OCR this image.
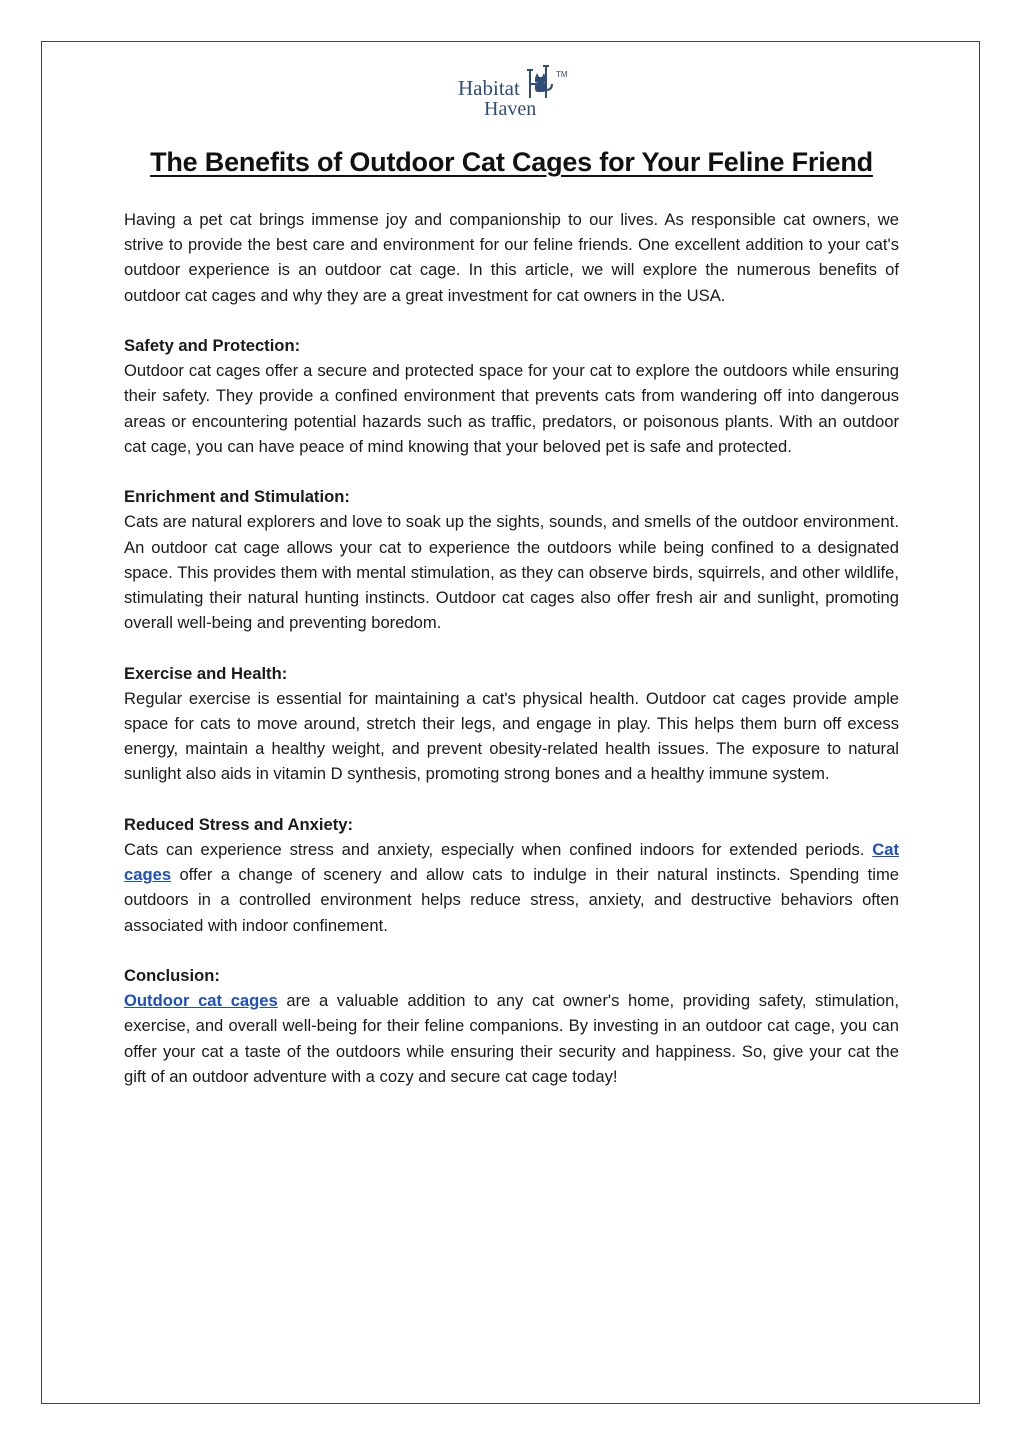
Habitat
Haven
TM
The Benefits of Outdoor Cat Cages for Your Feline Friend

Having a pet cat brings immense joy and companionship to our lives. As responsible cat owners, we strive to provide the best care and environment for our feline friends. One excellent addition to your cat's outdoor experience is an outdoor cat cage. In this article, we will explore the numerous benefits of outdoor cat cages and why they are a great investment for cat owners in the USA.

Safety and Protection:

Outdoor cat cages offer a secure and protected space for your cat to explore the outdoors while ensuring their safety. They provide a confined environment that prevents cats from wandering off into dangerous areas or encountering potential hazards such as traffic, predators, or poisonous plants. With an outdoor cat cage, you can have peace of mind knowing that your beloved pet is safe and protected.

Enrichment and Stimulation:

Cats are natural explorers and love to soak up the sights, sounds, and smells of the outdoor environment. An outdoor cat cage allows your cat to experience the outdoors while being confined to a designated space. This provides them with mental stimulation, as they can observe birds, squirrels, and other wildlife, stimulating their natural hunting instincts. Outdoor cat cages also offer fresh air and sunlight, promoting overall well-being and preventing boredom.

Exercise and Health:

Regular exercise is essential for maintaining a cat's physical health. Outdoor cat cages provide ample space for cats to move around, stretch their legs, and engage in play. This helps them burn off excess energy, maintain a healthy weight, and prevent obesity-related health issues. The exposure to natural sunlight also aids in vitamin D synthesis, promoting strong bones and a healthy immune system.

Reduced Stress and Anxiety:

Cats can experience stress and anxiety, especially when confined indoors for extended periods. Cat cages offer a change of scenery and allow cats to indulge in their natural instincts. Spending time outdoors in a controlled environment helps reduce stress, anxiety, and destructive behaviors often associated with indoor confinement.

Conclusion:

Outdoor cat cages are a valuable addition to any cat owner's home, providing safety, stimulation, exercise, and overall well-being for their feline companions. By investing in an outdoor cat cage, you can offer your cat a taste of the outdoors while ensuring their security and happiness. So, give your cat the gift of an outdoor adventure with a cozy and secure cat cage today!
